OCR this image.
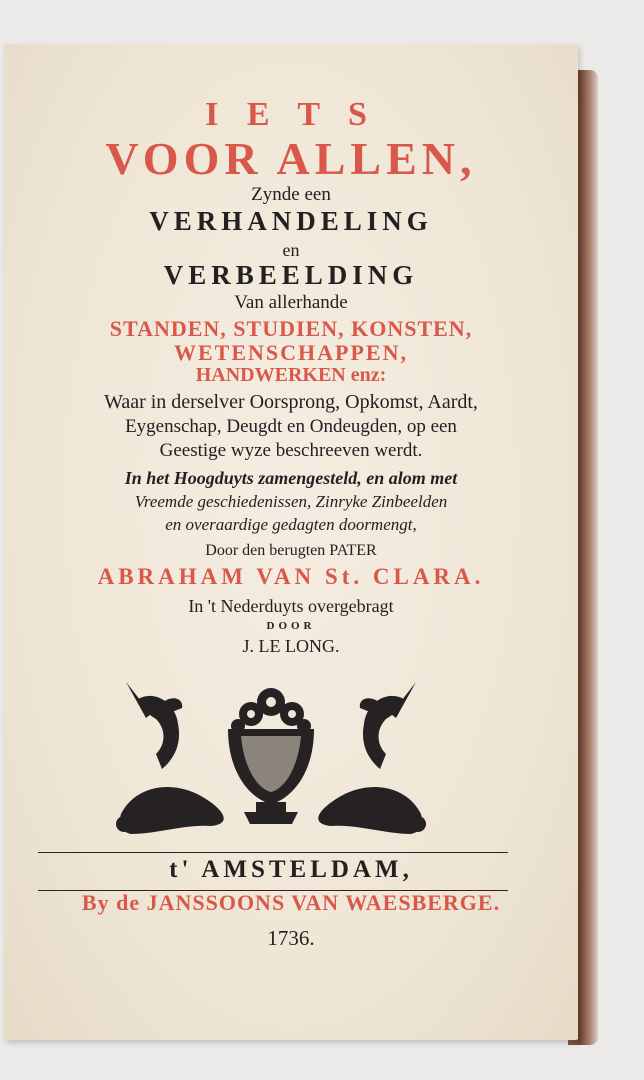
I E T S

VOOR ALLEN,

Zynde een

VERHANDELING

en

VERBEELDING

Van allerhande

STANDEN, STUDIEN, KONSTEN,

WETENSCHAPPEN,

HANDWERKEN enz:

Waar in derselver Oorsprong, Opkomst, Aardt,

Eygenschap, Deugdt en Ondeugden, op een

Geestige wyze beschreeven werdt.

In het Hoogduyts zamengesteld, en alom met

Vreemde geschiedenissen, Zinryke Zinbeelden

en overaardige gedagten doormengt,

Door den berugten PATER

ABRAHAM VAN St. CLARA.

In 't Nederduyts overgebragt

DOOR

J. LE LONG.

t' AMSTELDAM,

By de JANSSOONS VAN WAESBERGE.

1736.
